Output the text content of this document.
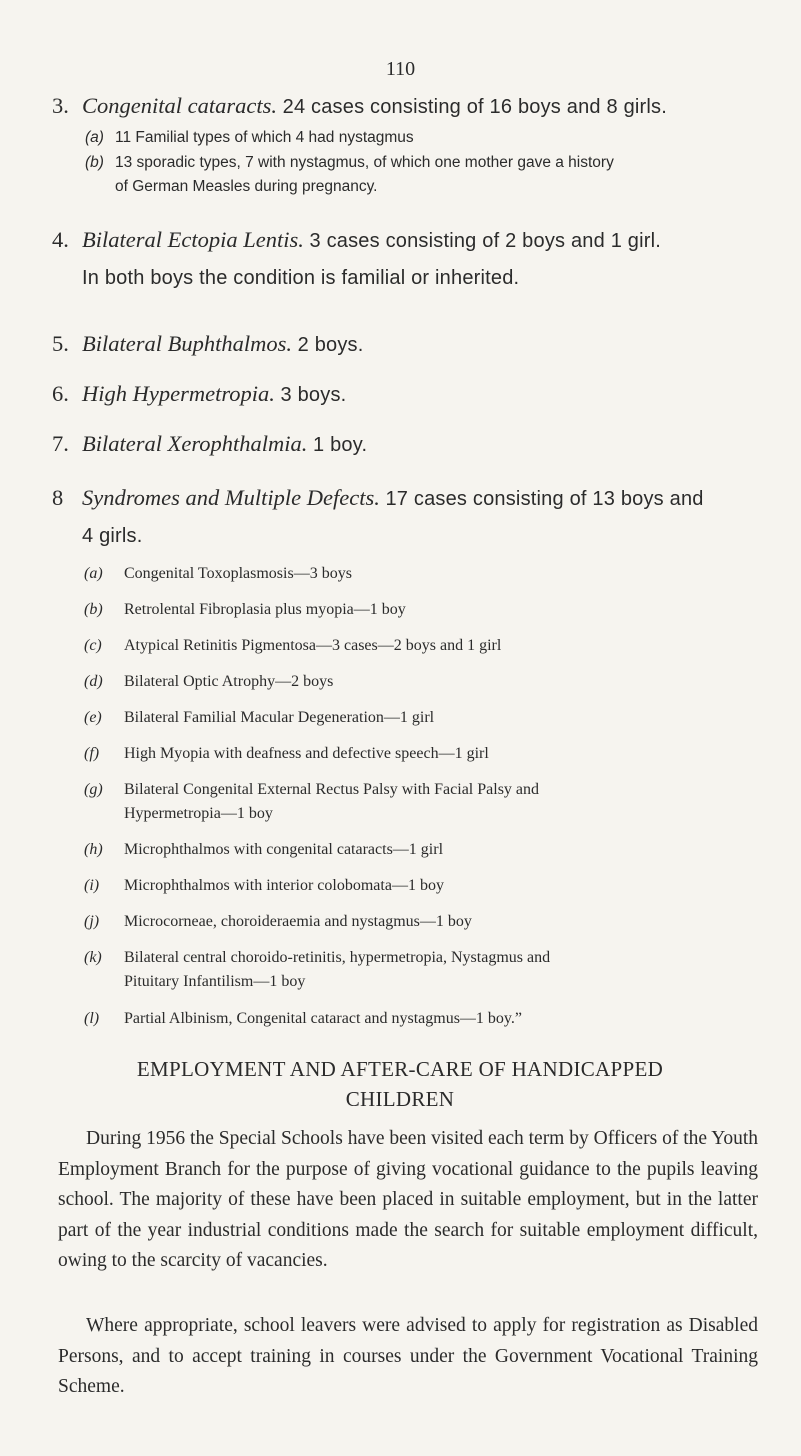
110
3. Congenital cataracts. 24 cases consisting of 16 boys and 8 girls.
(a) 11 Familial types of which 4 had nystagmus
(b) 13 sporadic types, 7 with nystagmus, of which one mother gave a history
of German Measles during pregnancy.
4. Bilateral Ectopia Lentis. 3 cases consisting of 2 boys and 1 girl.
In both boys the condition is familial or inherited.
5. Bilateral Buphthalmos. 2 boys.
6. High Hypermetropia. 3 boys.
7. Bilateral Xerophthalmia. 1 boy.
8 Syndromes and Multiple Defects. 17 cases consisting of 13 boys and
4 girls.
(a) Congenital Toxoplasmosis—3 boys
(b) Retrolental Fibroplasia plus myopia—1 boy
(c) Atypical Retinitis Pigmentosa—3 cases—2 boys and 1 girl
(d) Bilateral Optic Atrophy—2 boys
(e) Bilateral Familial Macular Degeneration—1 girl
(f) High Myopia with deafness and defective speech—1 girl
(g) Bilateral Congenital External Rectus Palsy with Facial Palsy and
Hypermetropia—1 boy
(h) Microphthalmos with congenital cataracts—1 girl
(i) Microphthalmos with interior colobomata—1 boy
(j) Microcorneae, choroideraemia and nystagmus—1 boy
(k) Bilateral central choroido-retinitis, hypermetropia, Nystagmus and
Pituitary Infantilism—1 boy
(l) Partial Albinism, Congenital cataract and nystagmus—1 boy.”
EMPLOYMENT AND AFTER-CARE OF HANDICAPPED
CHILDREN
During 1956 the Special Schools have been visited each term by Officers of the Youth Employment Branch for the purpose of giving vocational guidance to the pupils leaving school. The majority of these have been placed in suitable employment, but in the latter part of the year industrial conditions made the search for suitable employment difficult, owing to the scarcity of vacancies.
Where appropriate, school leavers were advised to apply for registration as Disabled Persons, and to accept training in courses under the Government Vocational Training Scheme.
